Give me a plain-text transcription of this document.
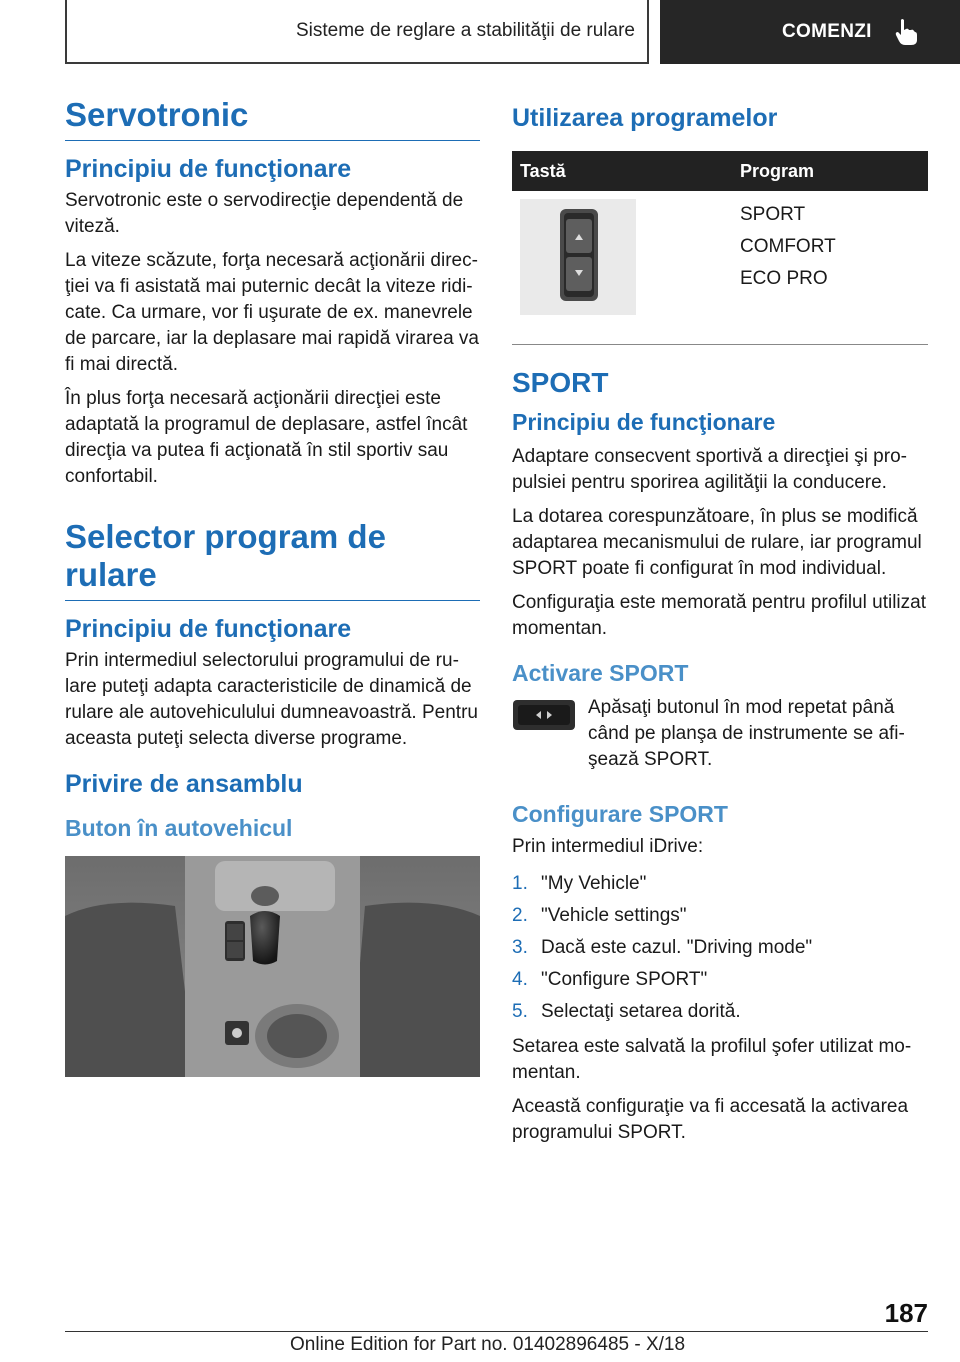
Sisteme de reglare a stabilităţii de rulare	COMENZI
Servotronic
Principiu de funcţionare

Servotronic este o servodirecţie dependentă de viteză.

La viteze scăzute, forţa necesară acţionării direc‐ţiei va fi asistată mai puternic decât la viteze ridi‐cate. Ca urmare, vor fi uşurate de ex. manevrele de parcare, iar la deplasare mai rapidă virarea va fi mai directă.

În plus forţa necesară acţionării direcţiei este adaptată la programul de deplasare, astfel încât direcţia va putea fi acţionată în stil sportiv sau confortabil.

Selector program de rulare
Principiu de funcţionare

Prin intermediul selectorului programului de ru‐lare puteţi adapta caracteristicile de dinamică de rulare ale autovehiculului dumneavoastră. Pentru aceasta puteţi selecta diverse programe.

Privire de ansamblu
Buton în autovehicul
Utilizarea programelor
Tastă	Program

SPORT
COMFORT
ECO PRO
SPORT
Principiu de funcţionare

Adaptare consecvent sportivă a direcţiei şi pro‐pulsiei pentru sporirea agilităţii la conducere.

La dotarea corespunzătoare, în plus se modifică adaptarea mecanismului de rulare, iar programul SPORT poate fi configurat în mod individual.

Configuraţia este memorată pentru profilul utilizat momentan.

Activare SPORT

Apăsaţi butonul în mod repetat până când pe planşa de instrumente se afi‐şează SPORT.

Configurare SPORT

Prin intermediul iDrive:

1. "My Vehicle"
2. "Vehicle settings"
3. Dacă este cazul. "Driving mode"
4. "Configure SPORT"
5. Selectaţi setarea dorită.

Setarea este salvată la profilul şofer utilizat mo‐mentan.

Această configuraţie va fi accesată la activarea programului SPORT.

187
Online Edition for Part no. 01402896485 - X/18
